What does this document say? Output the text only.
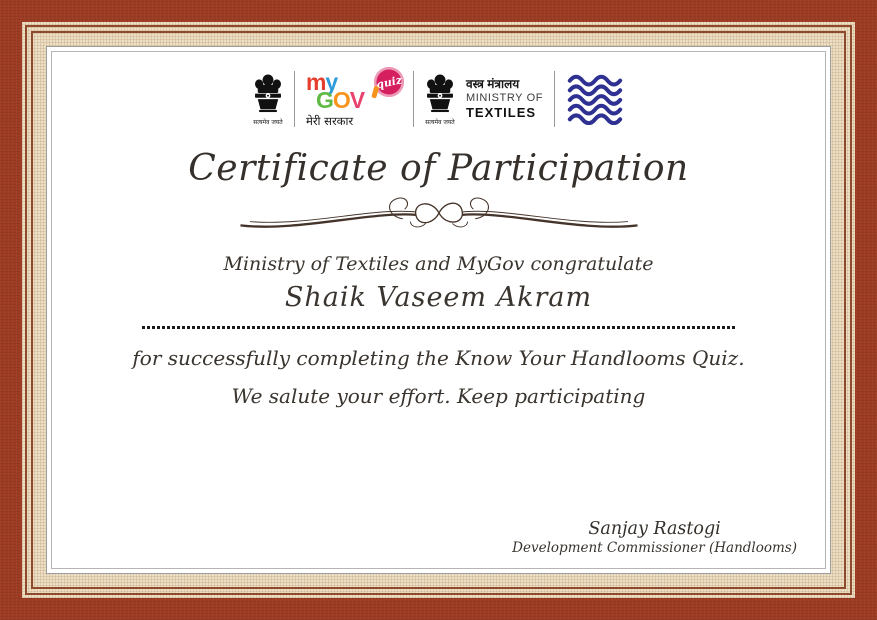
सत्यमेव जयते
my
GOV
quiz
मेरी सरकार	सत्यमेव जयते
वस्त्र मंत्रालय
MINISTRY OF
TEXTILES
Certificate of Participation
Ministry of Textiles and MyGov congratulate
Shaik Vaseem Akram
for successfully completing the Know Your Handlooms Quiz.
We salute your effort. Keep participating
Sanjay Rastogi
Development Commissioner (Handlooms)
